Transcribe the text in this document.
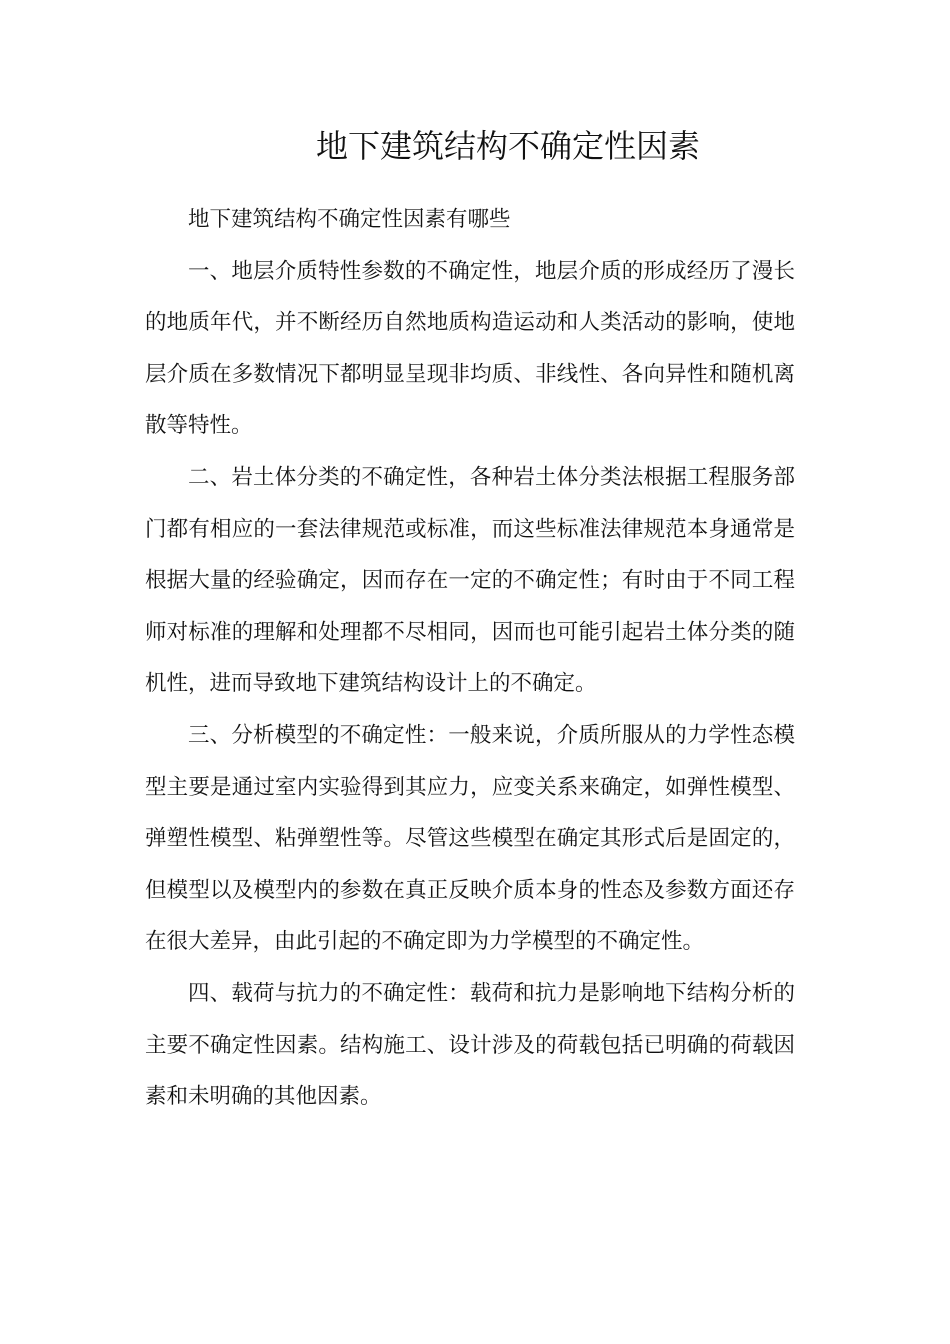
地下建筑结构不确定性因素

地下建筑结构不确定性因素有哪些

一、地层介质特性参数的不确定性，地层介质的形成经历了漫长的地质年代，并不断经历自然地质构造运动和人类活动的影响，使地层介质在多数情况下都明显呈现非均质、非线性、各向异性和随机离散等特性。

二、岩土体分类的不确定性，各种岩土体分类法根据工程服务部门都有相应的一套法律规范或标准，而这些标准法律规范本身通常是根据大量的经验确定，因而存在一定的不确定性；有时由于不同工程师对标准的理解和处理都不尽相同，因而也可能引起岩土体分类的随机性，进而导致地下建筑结构设计上的不确定。

三、分析模型的不确定性：一般来说，介质所服从的力学性态模型主要是通过室内实验得到其应力，应变关系来确定，如弹性模型、弹塑性模型、粘弹塑性等。尽管这些模型在确定其形式后是固定的，但模型以及模型内的参数在真正反映介质本身的性态及参数方面还存在很大差异，由此引起的不确定即为力学模型的不确定性。

四、载荷与抗力的不确定性：载荷和抗力是影响地下结构分析的主要不确定性因素。结构施工、设计涉及的荷载包括已明确的荷载因素和未明确的其他因素。
